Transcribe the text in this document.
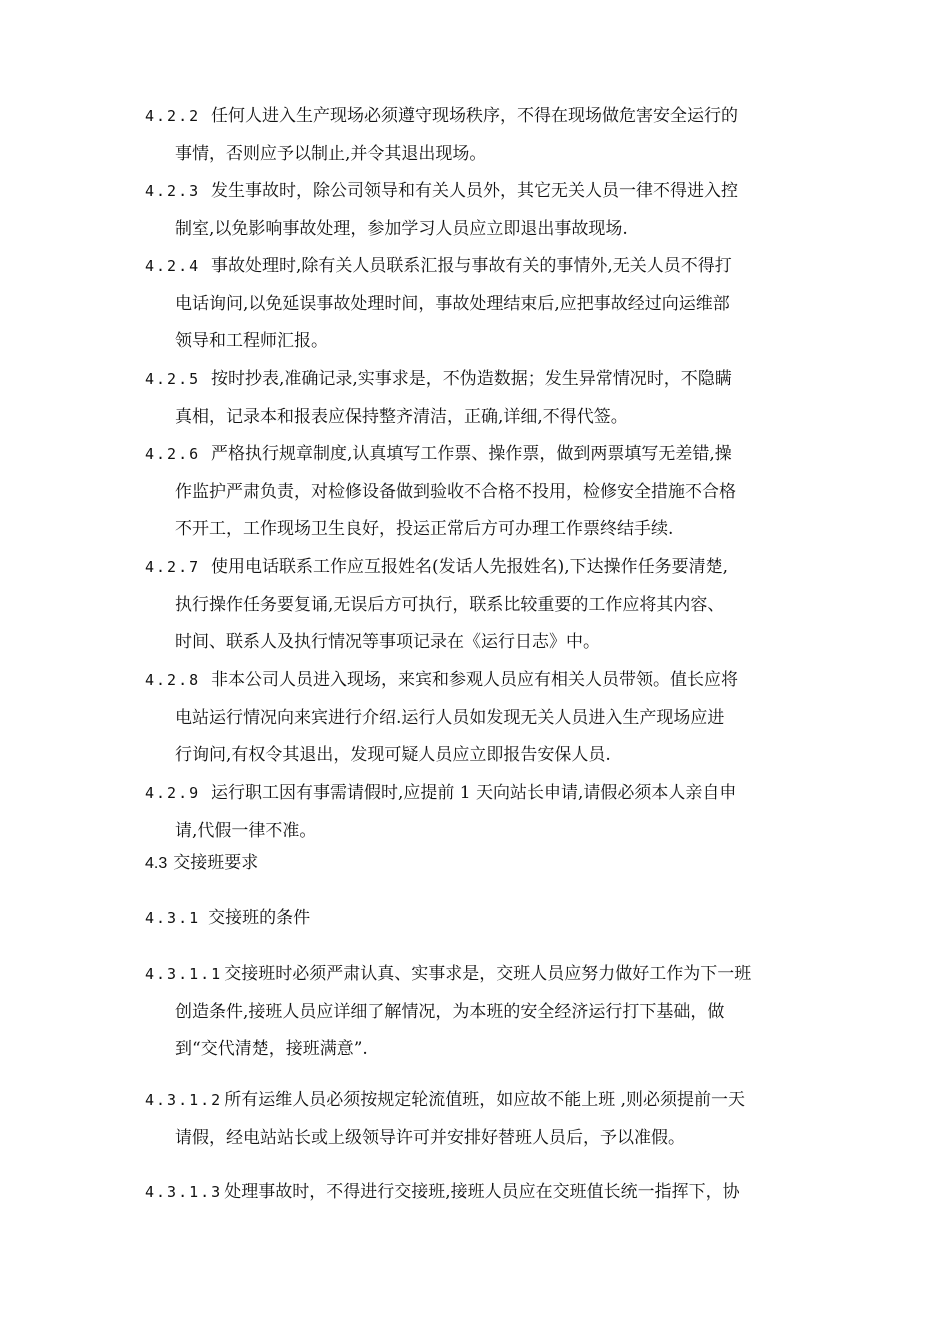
4.2.2 任何人进入生产现场必须遵守现场秩序，不得在现场做危害安全运行的
事情，否则应予以制止,并令其退出现场。
4.2.3 发生事故时，除公司领导和有关人员外，其它无关人员一律不得进入控
制室,以免影响事故处理，参加学习人员应立即退出事故现场.
4.2.4 事故处理时,除有关人员联系汇报与事故有关的事情外,无关人员不得打
电话询问,以免延误事故处理时间，事故处理结束后,应把事故经过向运维部
领导和工程师汇报。
4.2.5 按时抄表,准确记录,实事求是，不伪造数据；发生异常情况时，不隐瞒
真相，记录本和报表应保持整齐清洁，正确,详细,不得代签。
4.2.6 严格执行规章制度,认真填写工作票、操作票，做到两票填写无差错,操
作监护严肃负责，对检修设备做到验收不合格不投用，检修安全措施不合格
不开工，工作现场卫生良好，投运正常后方可办理工作票终结手续.
4.2.7 使用电话联系工作应互报姓名(发话人先报姓名),下达操作任务要清楚,
执行操作任务要复诵,无误后方可执行，联系比较重要的工作应将其内容、
时间、联系人及执行情况等事项记录在《运行日志》中。
4.2.8 非本公司人员进入现场，来宾和参观人员应有相关人员带领。值长应将
电站运行情况向来宾进行介绍.运行人员如发现无关人员进入生产现场应进
行询问,有权令其退出，发现可疑人员应立即报告安保人员.
4.2.9 运行职工因有事需请假时,应提前 1 天向站长申请,请假必须本人亲自申
请,代假一律不准。
4.3 交接班要求
4.3.1 交接班的条件
4.3.1.1 交接班时必须严肃认真、实事求是，交班人员应努力做好工作为下一班
创造条件,接班人员应详细了解情况，为本班的安全经济运行打下基础，做
到“交代清楚，接班满意”.
4.3.1.2 所有运维人员必须按规定轮流值班，如应故不能上班 ,则必须提前一天
请假，经电站站长或上级领导许可并安排好替班人员后，予以准假。
4.3.1.3 处理事故时，不得进行交接班,接班人员应在交班值长统一指挥下，协
